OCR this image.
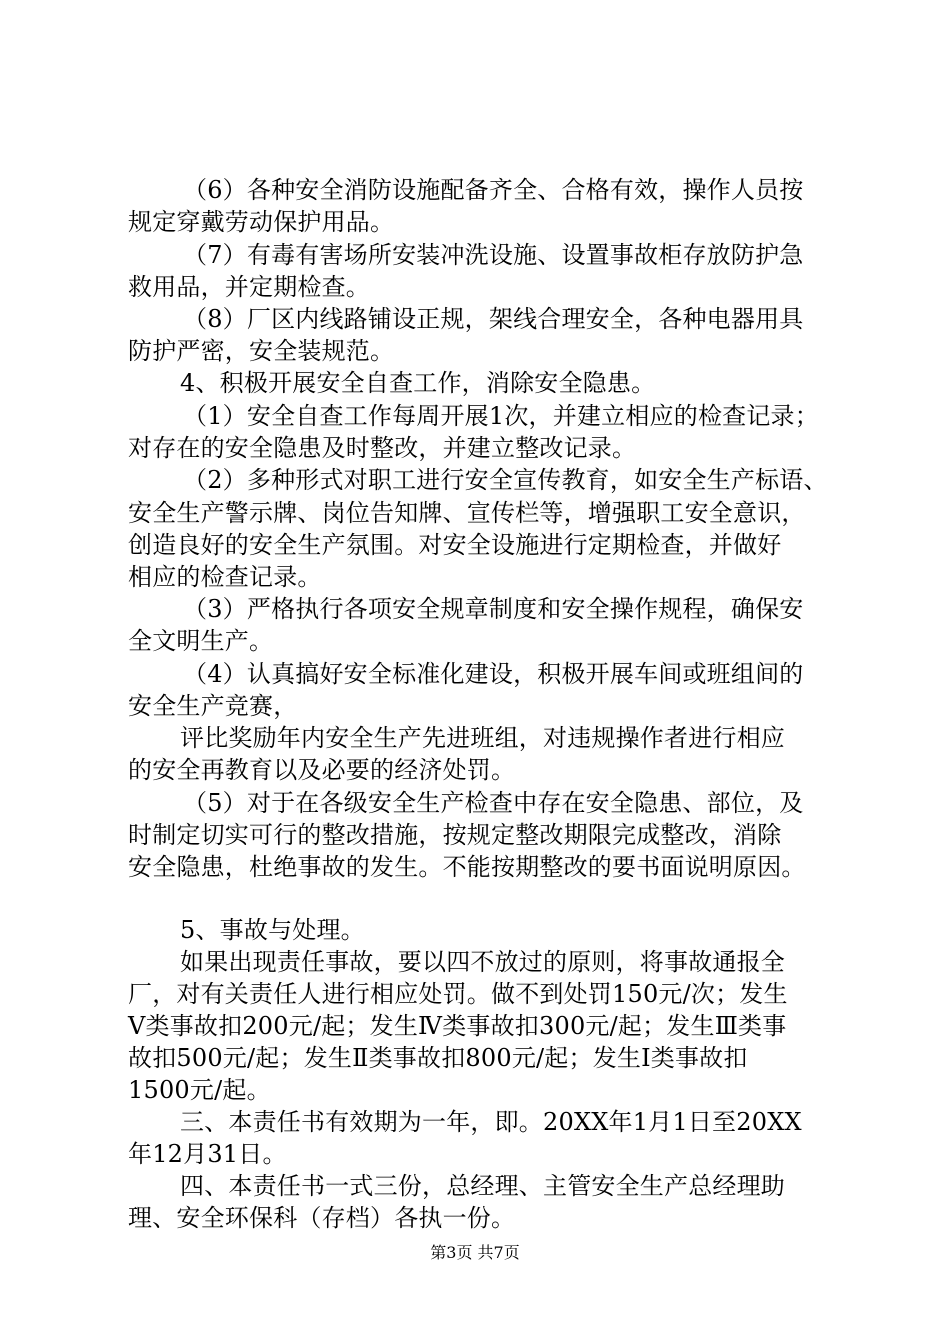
（6）各种安全消防设施配备齐全、合格有效，操作人员按
规定穿戴劳动保护用品。
（7）有毒有害场所安装冲洗设施、设置事故柜存放防护急
救用品，并定期检查。
（8）厂区内线路铺设正规，架线合理安全，各种电器用具
防护严密，安全装规范。
4、积极开展安全自查工作，消除安全隐患。
（1）安全自查工作每周开展1次，并建立相应的检查记录；
对存在的安全隐患及时整改，并建立整改记录。
（2）多种形式对职工进行安全宣传教育，如安全生产标语、
安全生产警示牌、岗位告知牌、宣传栏等，增强职工安全意识，
创造良好的安全生产氛围。对安全设施进行定期检查，并做好
相应的检查记录。
（3）严格执行各项安全规章制度和安全操作规程，确保安
全文明生产。
（4）认真搞好安全标准化建设，积极开展车间或班组间的
安全生产竞赛，
评比奖励年内安全生产先进班组，对违规操作者进行相应
的安全再教育以及必要的经济处罚。
（5）对于在各级安全生产检查中存在安全隐患、部位，及
时制定切实可行的整改措施，按规定整改期限完成整改，消除
安全隐患，杜绝事故的发生。不能按期整改的要书面说明原因。
5、事故与处理。
如果出现责任事故，要以四不放过的原则，将事故通报全
厂，对有关责任人进行相应处罚。做不到处罚150元/次；发生
Ⅴ类事故扣200元/起；发生Ⅳ类事故扣300元/起；发生Ⅲ类事
故扣500元/起；发生Ⅱ类事故扣800元/起；发生Ⅰ类事故扣
1500元/起。
三、本责任书有效期为一年，即。20XX年1月1日至20XX
年12月31日。
四、本责任书一式三份，总经理、主管安全生产总经理助
理、安全环保科（存档）各执一份。
第3页 共7页
